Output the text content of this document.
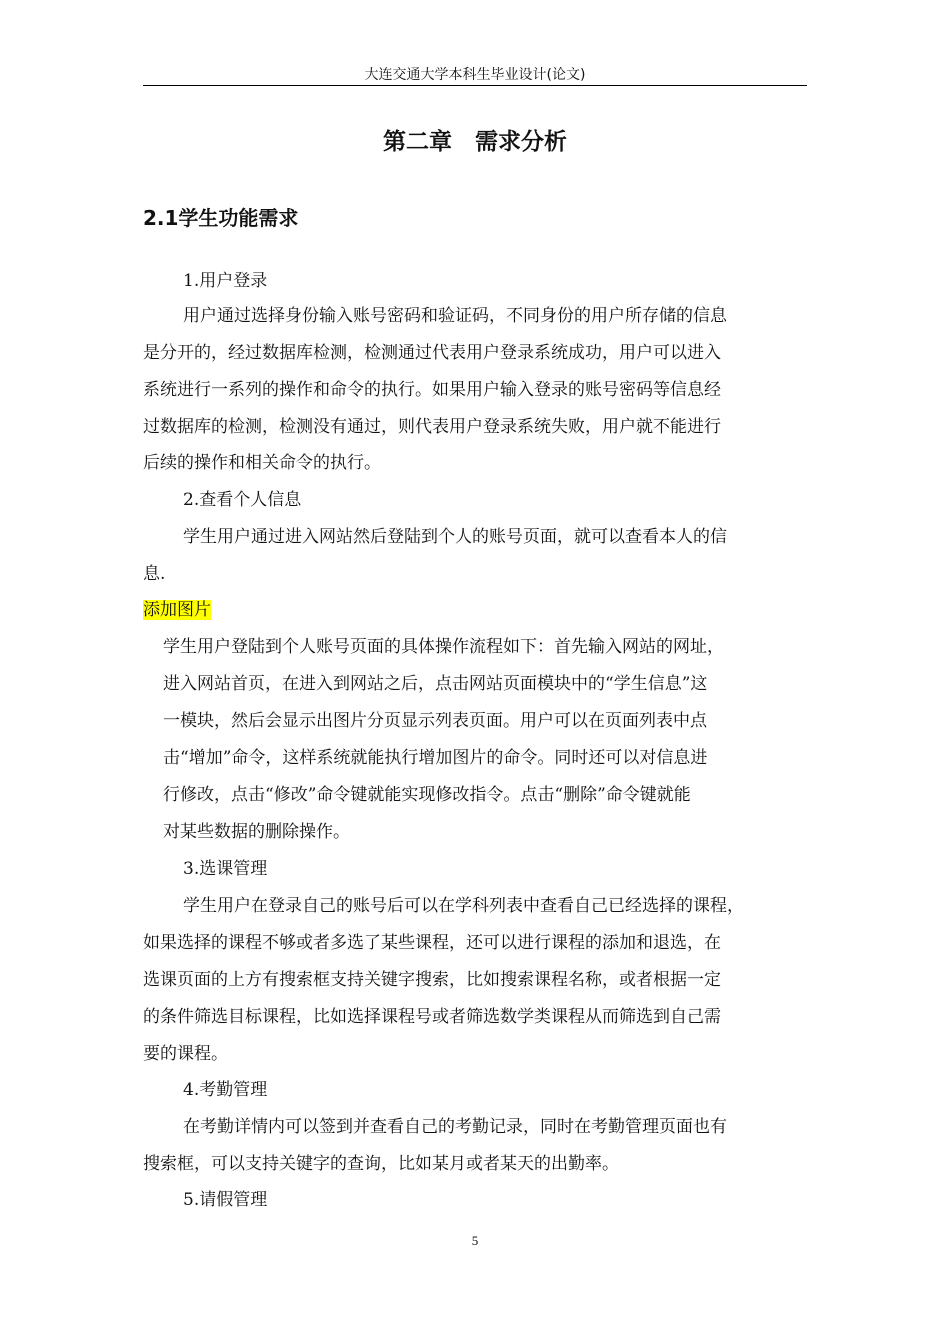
大连交通大学本科生毕业设计(论文)
第二章　需求分析
2.1学生功能需求
1.用户登录
用户通过选择身份输入账号密码和验证码，不同身份的用户所存储的信息
是分开的，经过数据库检测，检测通过代表用户登录系统成功，用户可以进入
系统进行一系列的操作和命令的执行。如果用户输入登录的账号密码等信息经
过数据库的检测，检测没有通过，则代表用户登录系统失败，用户就不能进行
后续的操作和相关命令的执行。
2.查看个人信息
学生用户通过进入网站然后登陆到个人的账号页面，就可以查看本人的信
息.
添加图片
学生用户登陆到个人账号页面的具体操作流程如下：首先输入网站的网址，
进入网站首页，在进入到网站之后，点击网站页面模块中的“学生信息”这
一模块，然后会显示出图片分页显示列表页面。用户可以在页面列表中点
击“增加”命令，这样系统就能执行增加图片的命令。同时还可以对信息进
行修改，点击“修改”命令键就能实现修改指令。点击“删除”命令键就能
对某些数据的删除操作。
3.选课管理
学生用户在登录自己的账号后可以在学科列表中查看自己已经选择的课程，
如果选择的课程不够或者多选了某些课程，还可以进行课程的添加和退选，在
选课页面的上方有搜索框支持关键字搜索，比如搜索课程名称，或者根据一定
的条件筛选目标课程，比如选择课程号或者筛选数学类课程从而筛选到自己需
要的课程。
4.考勤管理
在考勤详情内可以签到并查看自己的考勤记录，同时在考勤管理页面也有
搜索框，可以支持关键字的查询，比如某月或者某天的出勤率。
5.请假管理
5
